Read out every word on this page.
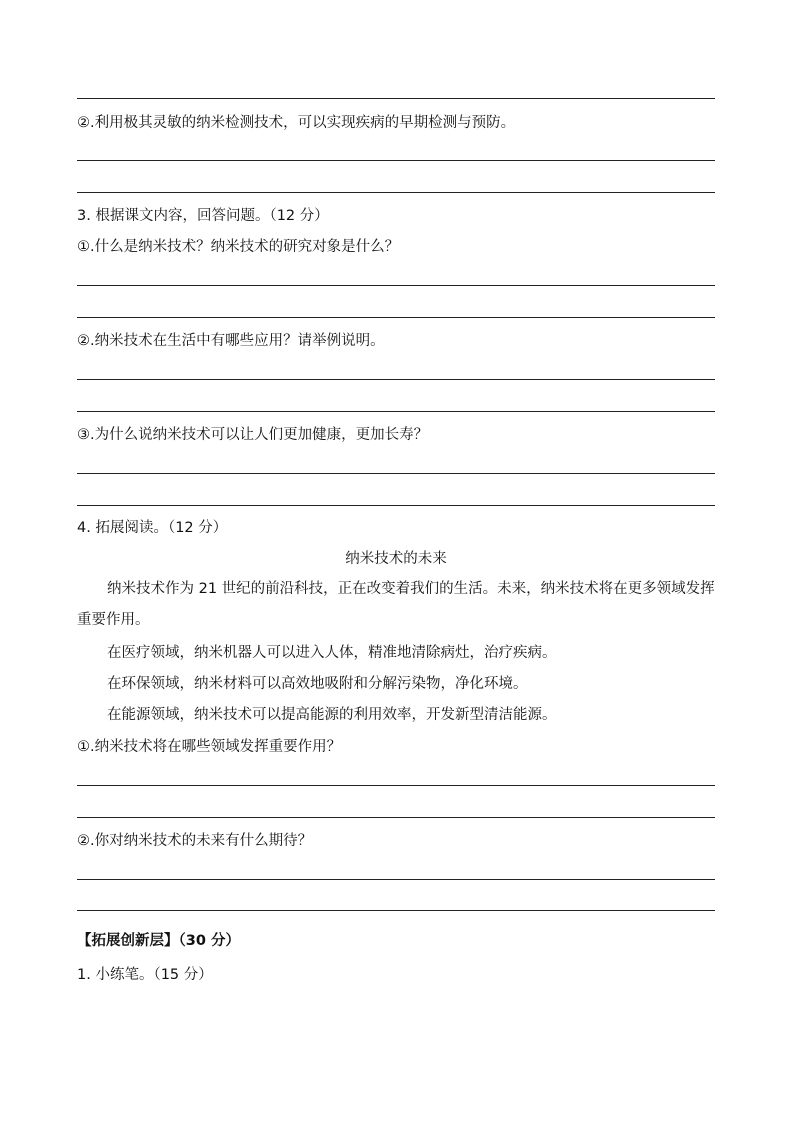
②.利用极其灵敏的纳米检测技术，可以实现疾病的早期检测与预防。
3. 根据课文内容，回答问题。（12 分）
①.什么是纳米技术？纳米技术的研究对象是什么？
②.纳米技术在生活中有哪些应用？请举例说明。
③.为什么说纳米技术可以让人们更加健康，更加长寿？
4. 拓展阅读。（12 分）
纳米技术的未来
纳米技术作为 21 世纪的前沿科技，正在改变着我们的生活。未来，纳米技术将在更多领域发挥重要作用。
在医疗领域，纳米机器人可以进入人体，精准地清除病灶，治疗疾病。
在环保领域，纳米材料可以高效地吸附和分解污染物，净化环境。
在能源领域，纳米技术可以提高能源的利用效率，开发新型清洁能源。
①.纳米技术将在哪些领域发挥重要作用？
②.你对纳米技术的未来有什么期待？
【拓展创新层】（30 分）
1. 小练笔。（15 分）
